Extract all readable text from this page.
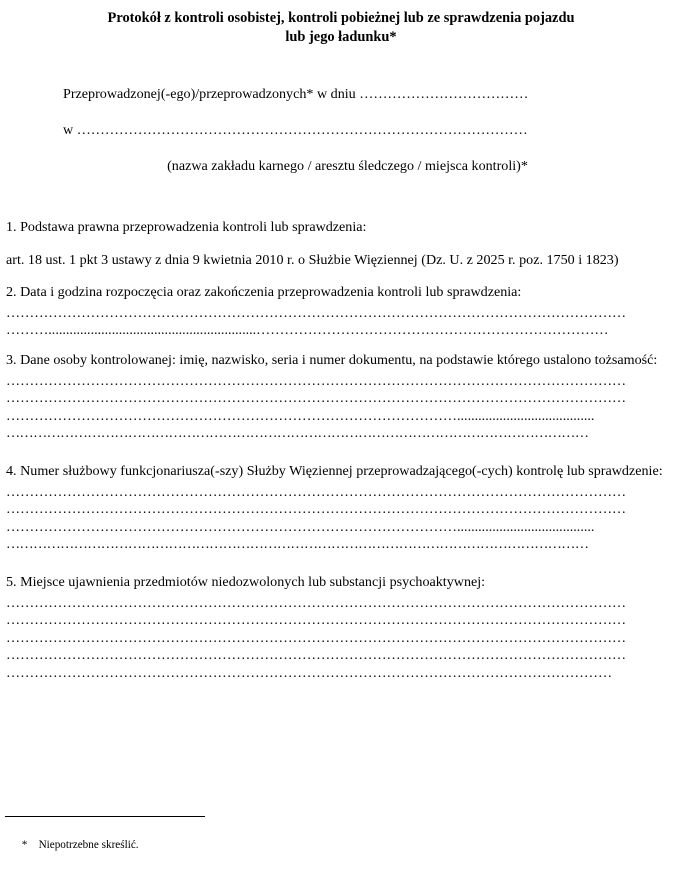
Protokół z kontroli osobistej, kontroli pobieżnej lub ze sprawdzenia pojazdu
lub jego ładunku*
Przeprowadzonej(-ego)/przeprowadzonych* w dniu ………………………………
w ……………………………………………………………………………………
(nazwa zakładu karnego / aresztu śledczego / miejsca kontroli)*

1. Podstawa prawna przeprowadzenia kontroli lub sprawdzenia:

art. 18 ust. 1 pkt 3 ustawy z dnia 9 kwietnia 2010 r. o Służbie Więziennej (Dz. U. z 2025 r. poz. 1750 i 1823)

2. Data i godzina rozpoczęcia oraz zakończenia przeprowadzenia kontroli lub sprawdzenia:

……………………………………………………………………………………………………………………

………...........................................................…………………………………………………………………

3. Dane osoby kontrolowanej: imię, nazwisko, seria i numer dokumentu, na podstawie którego ustalono tożsamość:

……………………………………………………………………………………………………………………

……………………………………………………………………………………………………………………

…………………………………………………………………………………….......................................

…………………………………………………………………………………………………………………

4. Numer służbowy funkcjonariusza(-szy) Służby Więziennej przeprowadzającego(-cych) kontrolę lub sprawdzenie:

……………………………………………………………………………………………………………………

……………………………………………………………………………………………………………………

…………………………………………………………………………………….......................................

…………………………………………………………………………………………………………………

5. Miejsce ujawnienia przedmiotów niedozwolonych lub substancji psychoaktywnej:

……………………………………………………………………………………………………………………

……………………………………………………………………………………………………………………

……………………………………………………………………………………………………………………

……………………………………………………………………………………………………………………

…………………………………………………………………………………………………………………

* Niepotrzebne skreślić.
